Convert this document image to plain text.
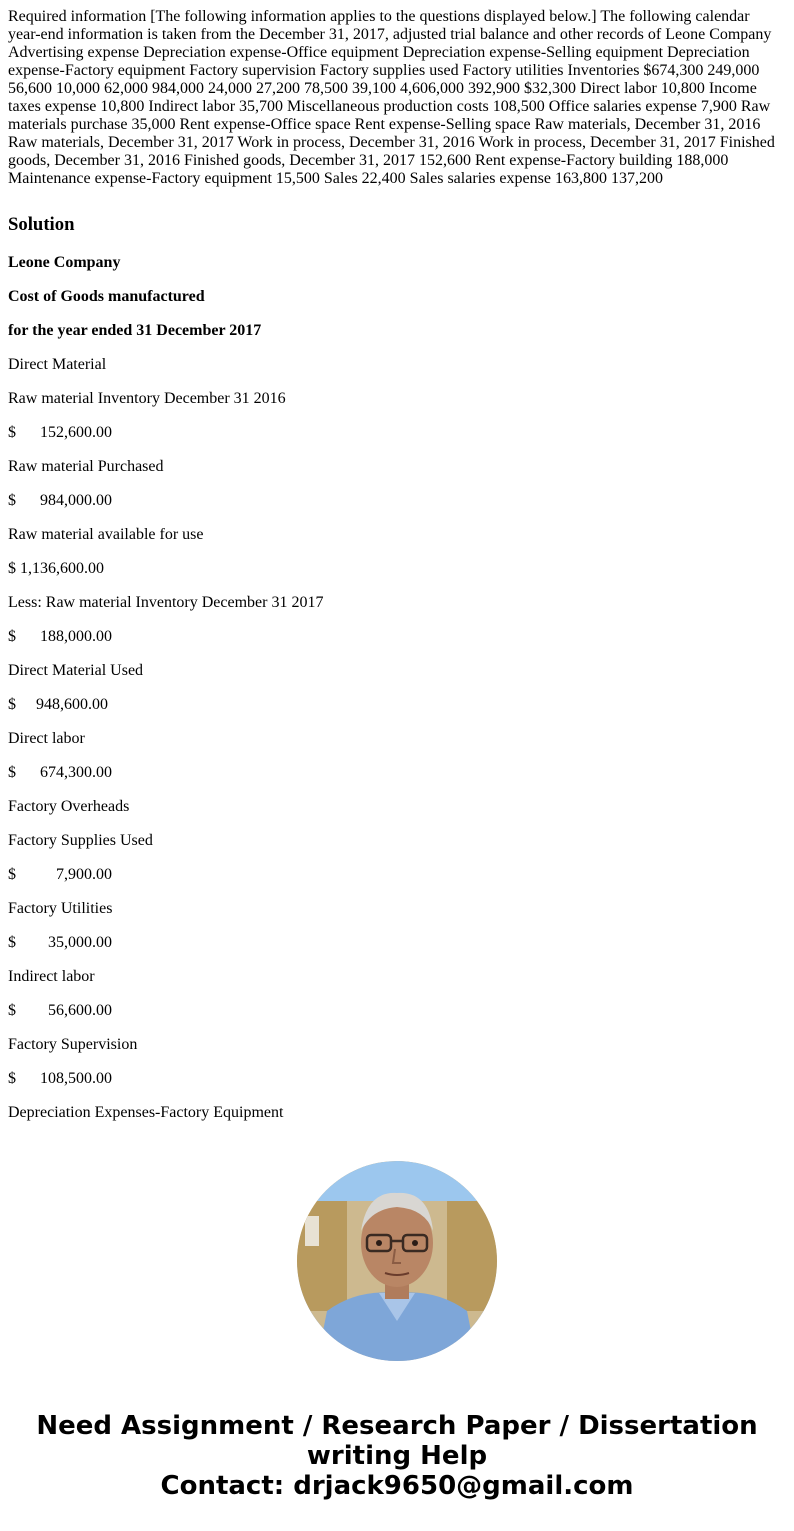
Required information [The following information applies to the questions displayed below.] The following calendar year-end information is taken from the December 31, 2017, adjusted trial balance and other records of Leone Company Advertising expense Depreciation expense-Office equipment Depreciation expense-Selling equipment Depreciation expense-Factory equipment Factory supervision Factory supplies used Factory utilities Inventories $674,300 249,000 56,600 10,000 62,000 984,000 24,000 27,200 78,500 39,100 4,606,000 392,900 $32,300 Direct labor 10,800 Income taxes expense 10,800 Indirect labor 35,700 Miscellaneous production costs 108,500 Office salaries expense 7,900 Raw materials purchase 35,000 Rent expense-Office space Rent expense-Selling space Raw materials, December 31, 2016 Raw materials, December 31, 2017 Work in process, December 31, 2016 Work in process, December 31, 2017 Finished goods, December 31, 2016 Finished goods, December 31, 2017 152,600 Rent expense-Factory building 188,000 Maintenance expense-Factory equipment 15,500 Sales 22,400 Sales salaries expense 163,800 137,200

Solution

Leone Company

Cost of Goods manufactured

for the year ended 31 December 2017

Direct Material

Raw material Inventory December 31 2016

$      152,600.00

Raw material Purchased

$      984,000.00

Raw material available for use

$ 1,136,600.00

Less: Raw material Inventory December 31 2017

$      188,000.00

Direct Material Used

$     948,600.00

Direct labor

$      674,300.00

Factory Overheads

Factory Supplies Used

$          7,900.00

Factory Utilities

$        35,000.00

Indirect labor

$        56,600.00

Factory Supervision

$      108,500.00

Depreciation Expenses-Factory Equipment

Need Assignment / Research Paper / Dissertation
writing Help
Contact: drjack9650@gmail.com
